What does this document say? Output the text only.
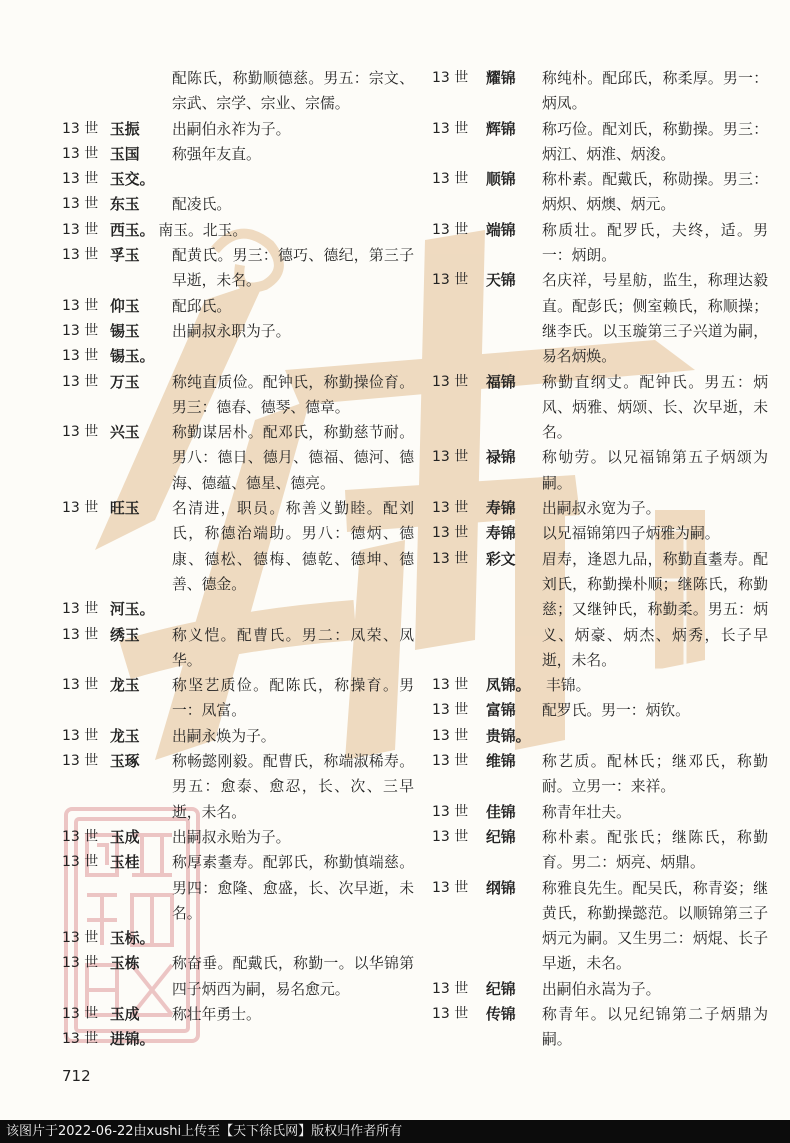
配陈氏，称勤顺德慈。男五：宗文、宗武、宗学、宗业、宗儒。
13 世 玉振	出嗣伯永祚为子。
13 世 玉国	称强年友直。
13 世 玉交。
13 世 东玉	配凌氏。
13 世 西玉。 南玉。北玉。
13 世 孚玉	配黄氏。男三：德巧、德纪，第三子早逝，未名。
13 世 仰玉	配邱氏。
13 世 锡玉	出嗣叔永职为子。
13 世 锡玉。
13 世 万玉	称纯直质俭。配钟氏，称勤操俭育。男三：德春、德琴、德章。
13 世 兴玉	称勤谋居朴。配邓氏，称勤慈节耐。男八：德日、德月、德福、德河、德海、德蕴、德星、德亮。
13 世 旺玉	名清进，职员。称善义勤睦。配刘氏，称德治端助。男八：德炳、德康、德松、德梅、德乾、德坤、德善、德金。
13 世 河玉。
13 世 绣玉	称义恺。配曹氏。男二：凤荣、凤华。
13 世 龙玉	称坚艺质俭。配陈氏，称操育。男一：凤富。
13 世 龙玉	出嗣永焕为子。
13 世 玉琢	称畅懿刚毅。配曹氏，称端淑稀寿。男五：愈泰、愈忍，长、次、三早逝，未名。
13 世 玉成	出嗣叔永贻为子。
13 世 玉桂	称厚素耋寿。配郭氏，称勤慎端慈。男四：愈隆、愈盛，长、次早逝，未名。
13 世 玉标。
13 世 玉栋	称奋垂。配戴氏，称勤一。以华锦第四子炳西为嗣，易名愈元。
13 世 玉成	称壮年勇士。
13 世 进锦。
13 世	耀锦	称纯朴。配邱氏，称柔厚。男一：炳凤。
13 世	辉锦	称巧俭。配刘氏，称勤操。男三：炳江、炳淮、炳浚。
13 世	顺锦	称朴素。配戴氏，称勋操。男三：炳炽、炳燠、炳元。
13 世	端锦	称质壮。配罗氏，夫终，适。男一：炳朗。
13 世	天锦	名庆祥，号星舫，监生，称理达毅直。配彭氏；侧室赖氏，称顺操；继李氏。以玉璇第三子兴道为嗣，易名炳焕。
13 世	福锦	称勤直纲丈。配钟氏。男五：炳风、炳雅、炳颂、长、次早逝，未名。
13 世	禄锦	称劬劳。以兄福锦第五子炳颂为嗣。
13 世	寿锦	出嗣叔永宽为子。
13 世	寿锦	以兄福锦第四子炳雅为嗣。
13 世	彩文	眉寿，逢恩九品，称勤直耋寿。配刘氏，称勤操朴顺；继陈氏，称勤慈；又继钟氏，称勤柔。男五：炳义、炳豪、炳杰、炳秀，长子早逝，未名。
13 世	凤锦。	丰锦。
13 世	富锦	配罗氏。男一：炳钦。
13 世	贵锦。
13 世	维锦	称艺质。配林氏；继邓氏，称勤耐。立男一：来祥。
13 世	佳锦	称青年壮夫。
13 世	纪锦	称朴素。配张氏；继陈氏，称勤育。男二：炳亮、炳鼎。
13 世	纲锦	称雅良先生。配吴氏，称青姿；继黄氏，称勤操懿范。以顺锦第三子炳元为嗣。又生男二：炳焜、长子早逝，未名。
13 世	纪锦	出嗣伯永嵩为子。
13 世	传锦	称青年。以兄纪锦第二子炳鼎为嗣。
712
该图片于2022-06-22由xushi上传至【天下徐氏网】版权归作者所有
